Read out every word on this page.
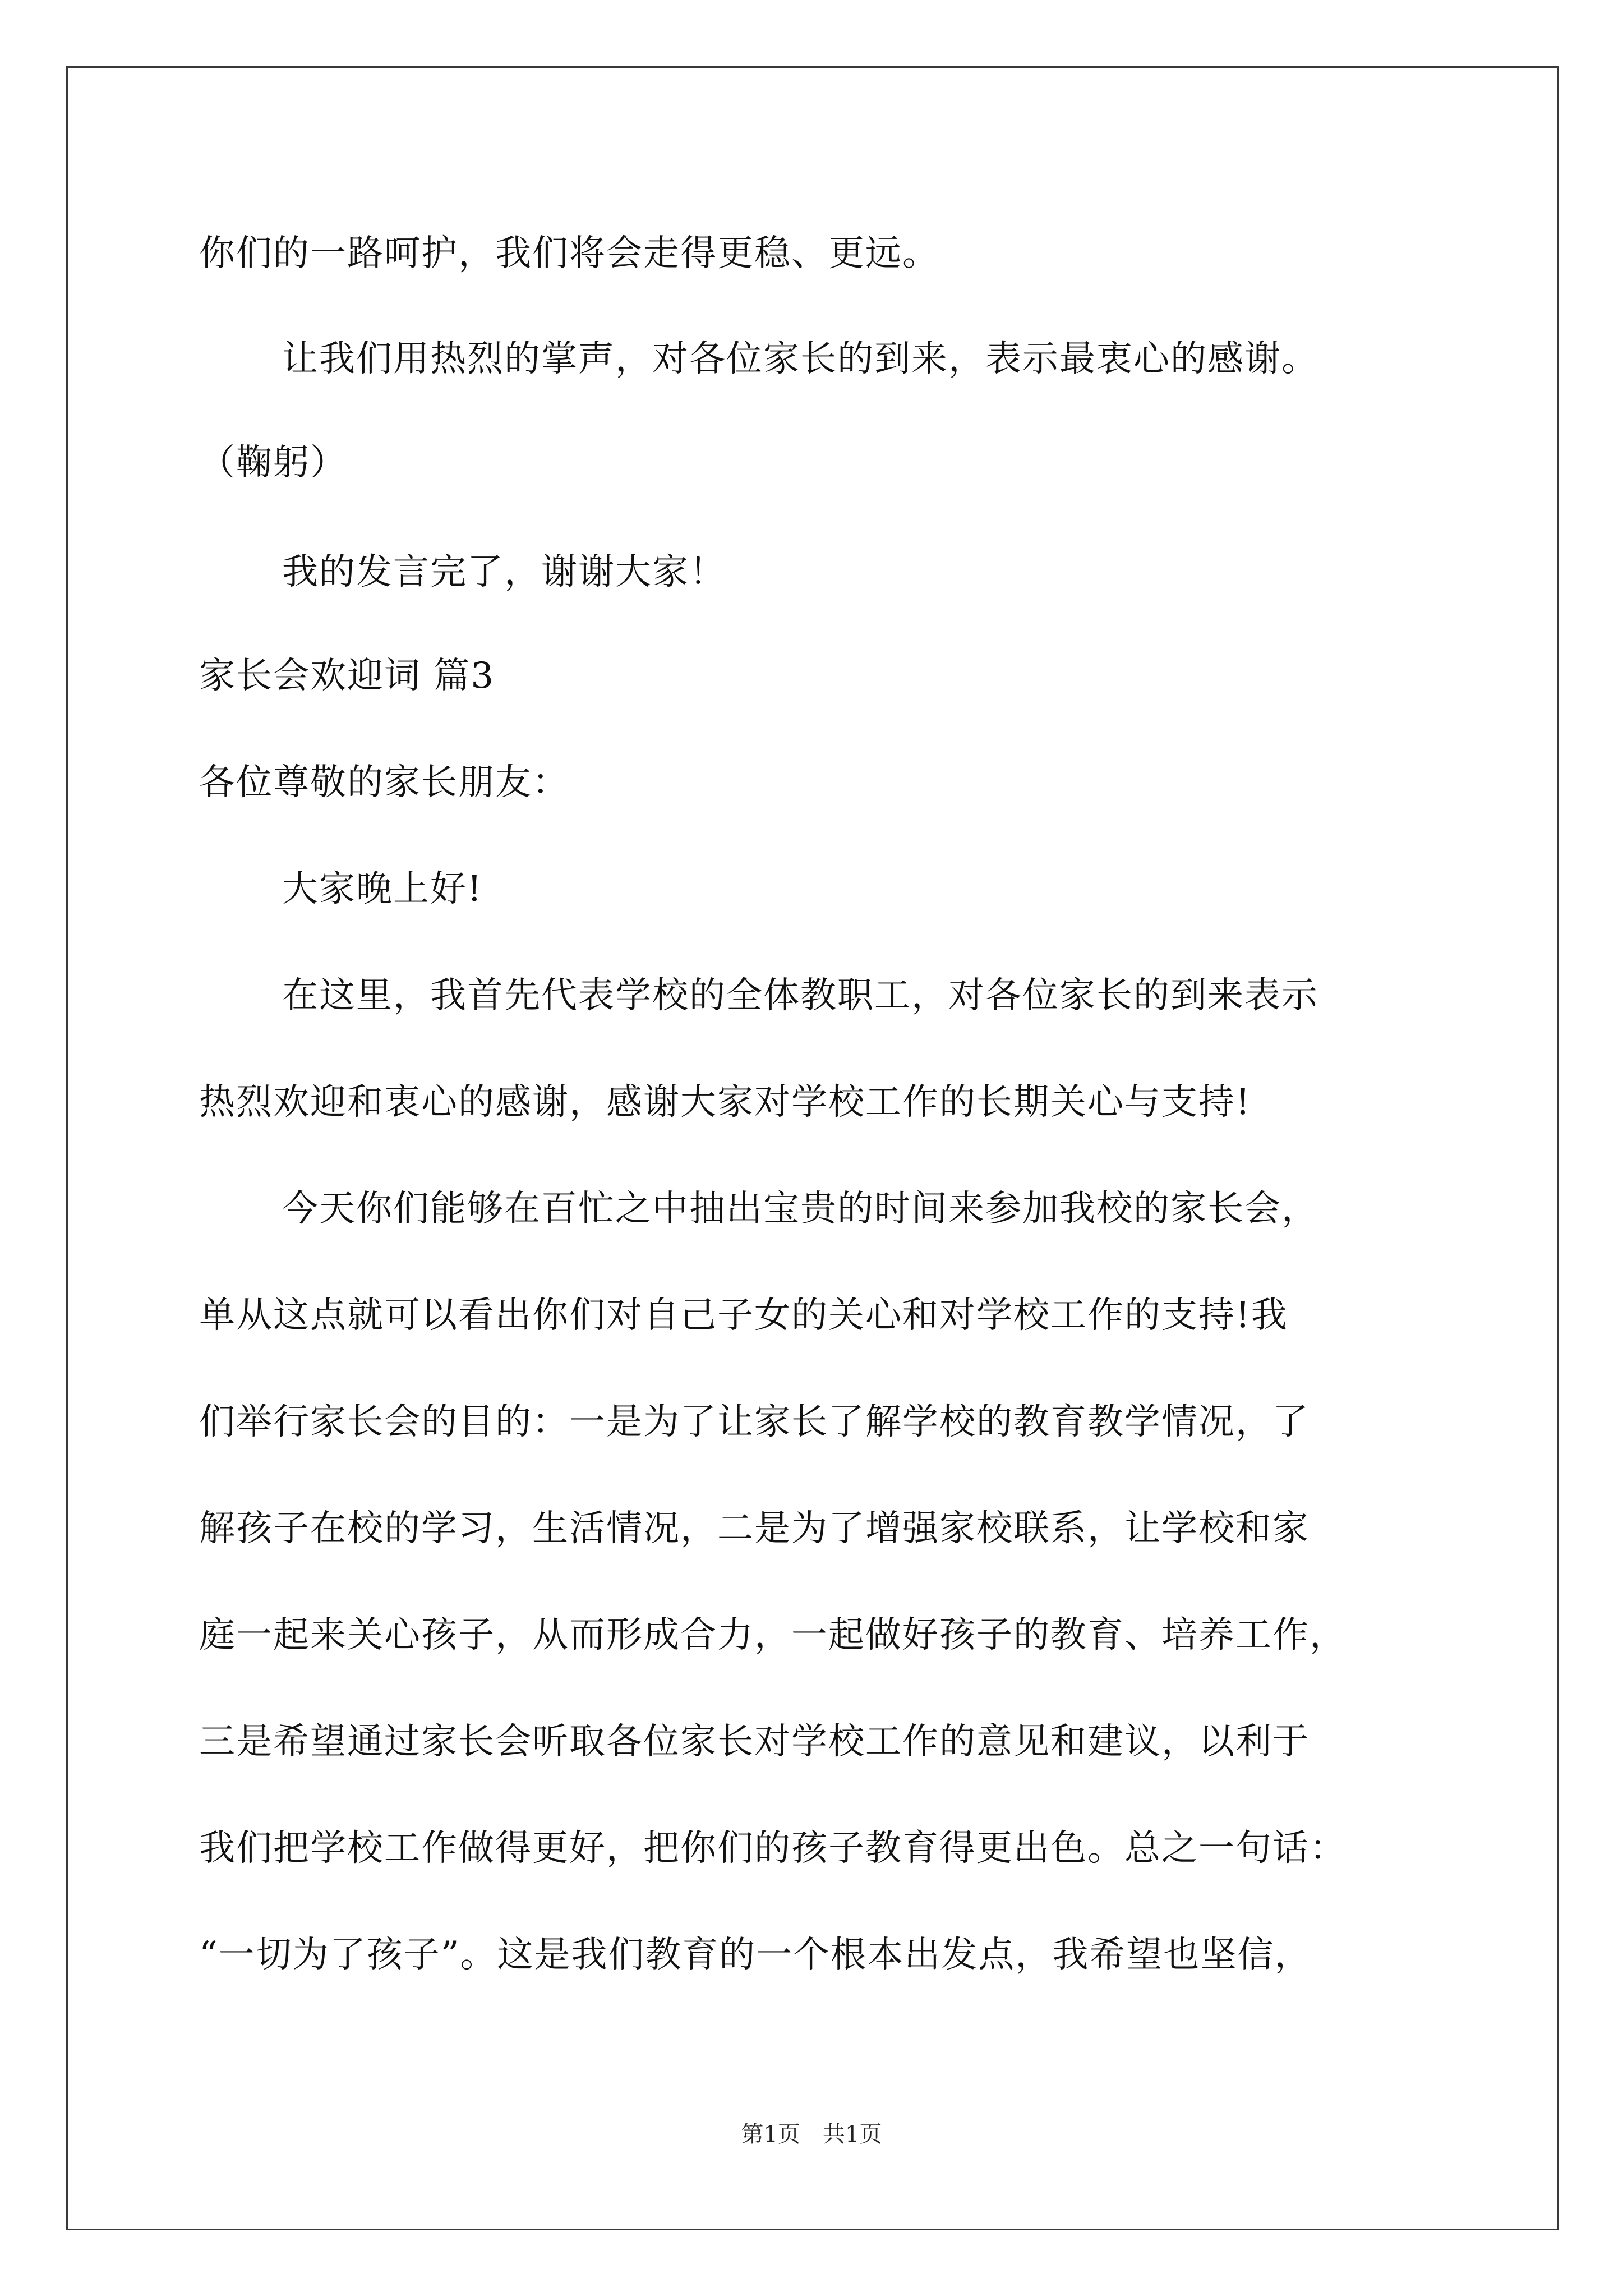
你们的一路呵护，我们将会走得更稳、更远。
让我们用热烈的掌声，对各位家长的到来，表示最衷心的感谢。
（鞠躬）
我的发言完了，谢谢大家！
家长会欢迎词 篇3
各位尊敬的家长朋友：
大家晚上好!
在这里，我首先代表学校的全体教职工，对各位家长的到来表示
热烈欢迎和衷心的感谢，感谢大家对学校工作的长期关心与支持!
今天你们能够在百忙之中抽出宝贵的时间来参加我校的家长会，
单从这点就可以看出你们对自己子女的关心和对学校工作的支持!我
们举行家长会的目的：一是为了让家长了解学校的教育教学情况，了
解孩子在校的学习，生活情况，二是为了增强家校联系，让学校和家
庭一起来关心孩子，从而形成合力，一起做好孩子的教育、培养工作，
三是希望通过家长会听取各位家长对学校工作的意见和建议，以利于
我们把学校工作做得更好，把你们的孩子教育得更出色。总之一句话：
“一切为了孩子”。这是我们教育的一个根本出发点，我希望也坚信，
第1页　共1页
